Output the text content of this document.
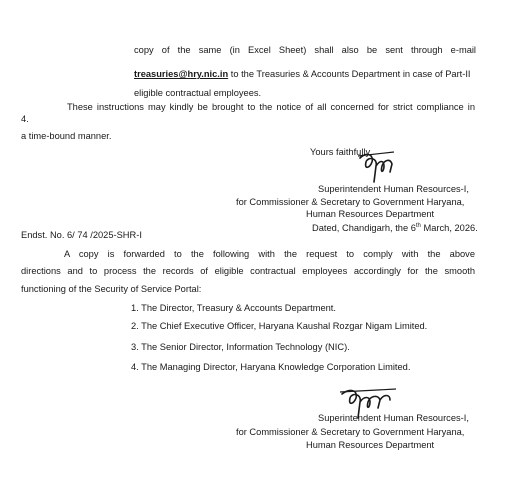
copy of the same (in Excel Sheet) shall also be sent through e-mail
treasuries@hry.nic.in to the Treasuries & Accounts Department in case of Part-II
eligible contractual employees.
4.
These instructions may kindly be brought to the notice of all concerned for strict compliance in
a time-bound manner.
Yours faithfully,
Superintendent Human Resources-I,
for Commissioner & Secretary to Government Haryana,
Human Resources Department
Dated, Chandigarh, the 6th March, 2026.
Endst. No. 6/ 74 /2025-SHR-I
A copy is forwarded to the following with the request to comply with the above
directions and to process the records of eligible contractual employees accordingly for the smooth
functioning of the Security of Service Portal:
1. The Director, Treasury & Accounts Department.
2. The Chief Executive Officer, Haryana Kaushal Rozgar Nigam Limited.
3. The Senior Director, Information Technology (NIC).
4. The Managing Director, Haryana Knowledge Corporation Limited.
Superintendent Human Resources-I,
for Commissioner & Secretary to Government Haryana,
Human Resources Department
